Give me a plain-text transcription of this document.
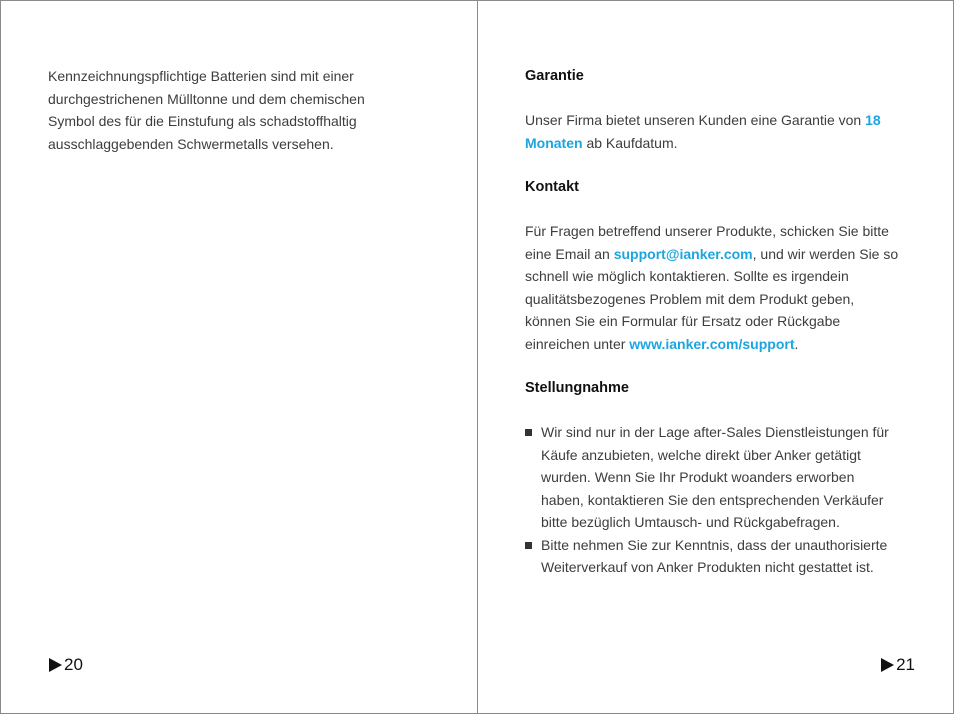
Kennzeichnungspflichtige Batterien sind mit einer durchgestrichenen Mülltonne und dem chemischen Symbol des für die Einstufung als schadstoffhaltig ausschlaggebenden Schwermetalls versehen.

20
Garantie

Unser Firma bietet unseren Kunden eine Garantie von 18 Monaten ab Kaufdatum.

Kontakt

Für Fragen betreffend unserer Produkte, schicken Sie bitte eine Email an support@ianker.com, und wir werden Sie so schnell wie möglich kontaktieren. Sollte es irgendein qualitätsbezogenes Problem mit dem Produkt geben, können Sie ein Formular für Ersatz oder Rückgabe einreichen unter www.ianker.com/support.

Stellungnahme
Wir sind nur in der Lage after-Sales Dienstleistungen für Käufe anzubieten, welche direkt über Anker getätigt wurden. Wenn Sie Ihr Produkt woanders erworben haben, kontaktieren Sie den entsprechenden Verkäufer bitte bezüglich Umtausch- und Rückgabefragen.
Bitte nehmen Sie zur Kenntnis, dass der unauthorisierte Weiterverkauf von Anker Produkten nicht gestattet ist.
21
